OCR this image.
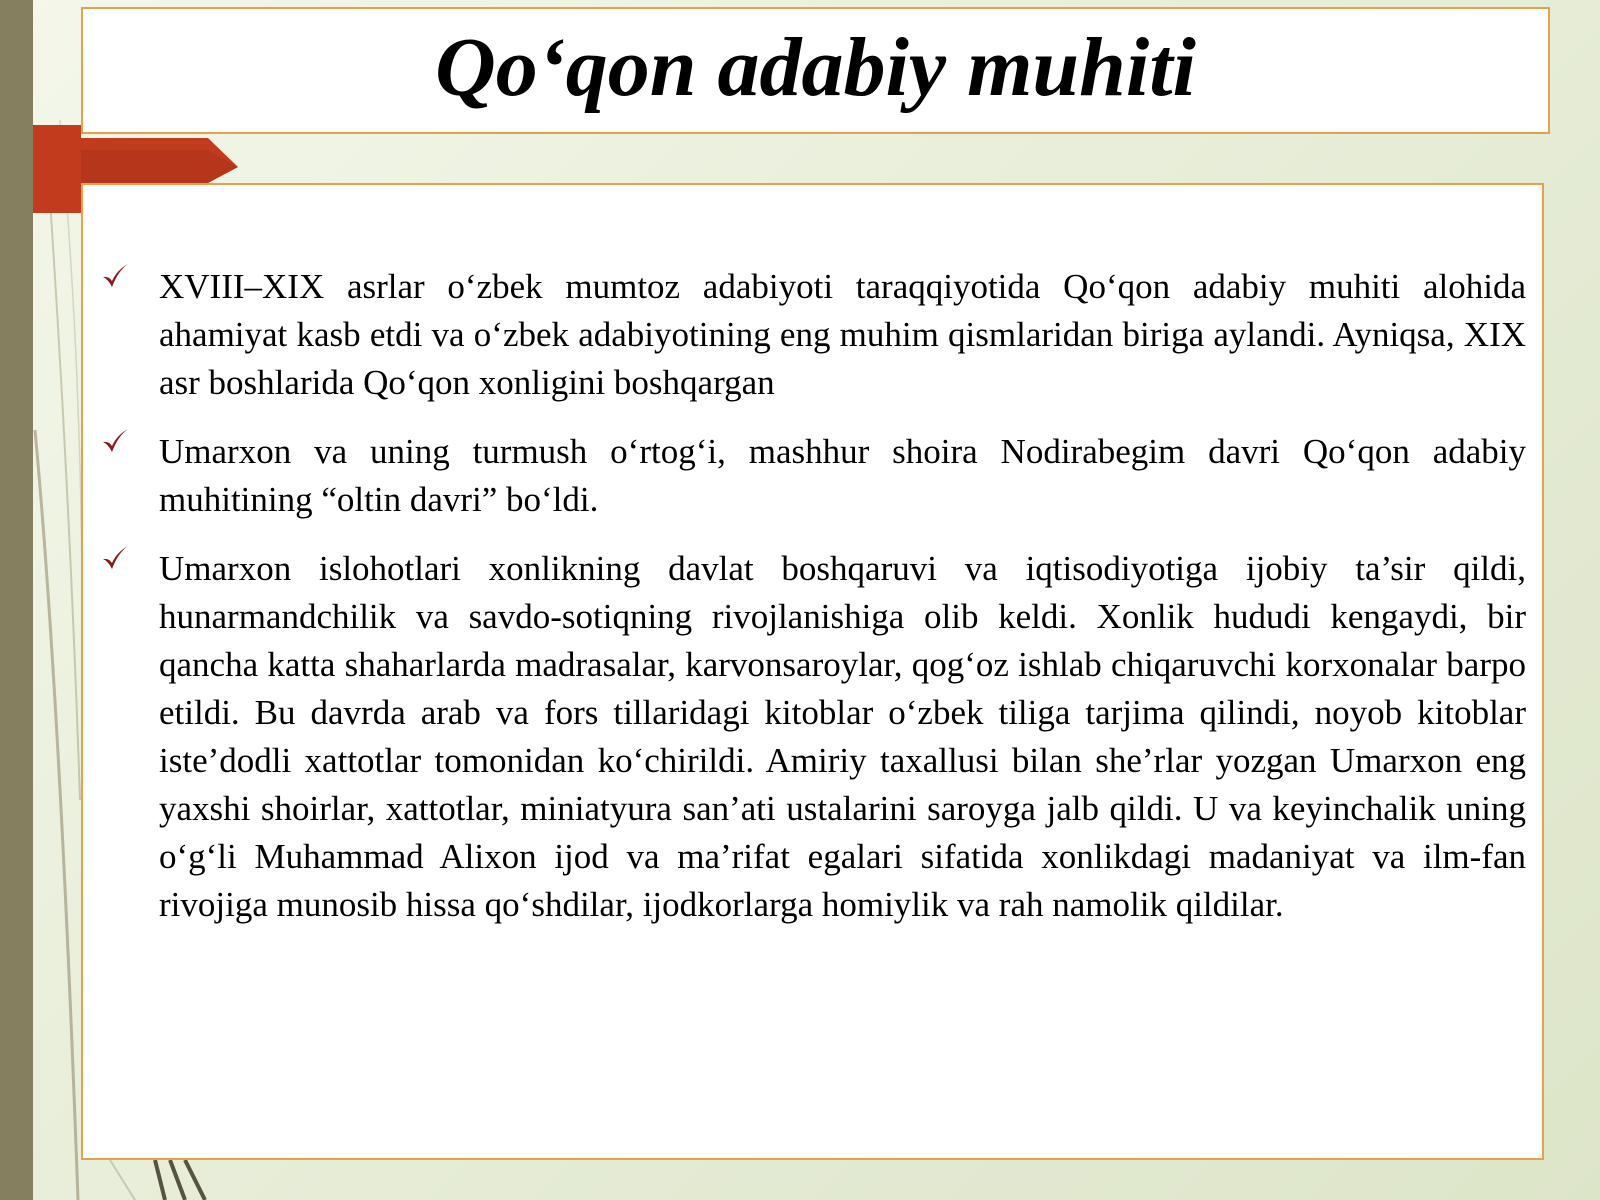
Qo‘qon adabiy muhiti

XVIII–XIX asrlar o‘zbek mumtoz adabiyoti taraqqiyotida Qo‘qon adabiy muhiti alohida ahamiyat kasb etdi va o‘zbek adabiyotining eng muhim qismlaridan biriga aylandi. Ayniqsa, XIX asr boshlarida Qo‘qon xonligini boshqargan

Umarxon va uning turmush o‘rtog‘i, mashhur shoira Nodirabegim davri Qo‘qon adabiy muhitining “oltin davri” bo‘ldi.

Umarxon islohotlari xonlikning davlat boshqaruvi va iqtisodiyotiga ijobiy ta’sir qildi, hunarmandchilik va savdo-sotiqning rivojlanishiga olib keldi. Xonlik hududi kengaydi, bir qancha katta shaharlarda madrasalar, karvonsaroylar, qog‘oz ishlab chiqaruvchi korxonalar barpo etildi. Bu davrda arab va fors tillaridagi kitoblar o‘zbek tiliga tarjima qilindi, noyob kitoblar iste’dodli xattotlar tomonidan ko‘chirildi. Amiriy taxallusi bilan she’rlar yozgan Umarxon eng yaxshi shoirlar, xattotlar, miniatyura san’ati ustalarini saroyga jalb qildi. U va keyinchalik uning o‘g‘li Muhammad Alixon ijod va ma’rifat egalari sifatida xonlikdagi madaniyat va ilm-fan rivojiga munosib hissa qo‘shdilar, ijodkorlarga homiylik va rah namolik qildilar.
